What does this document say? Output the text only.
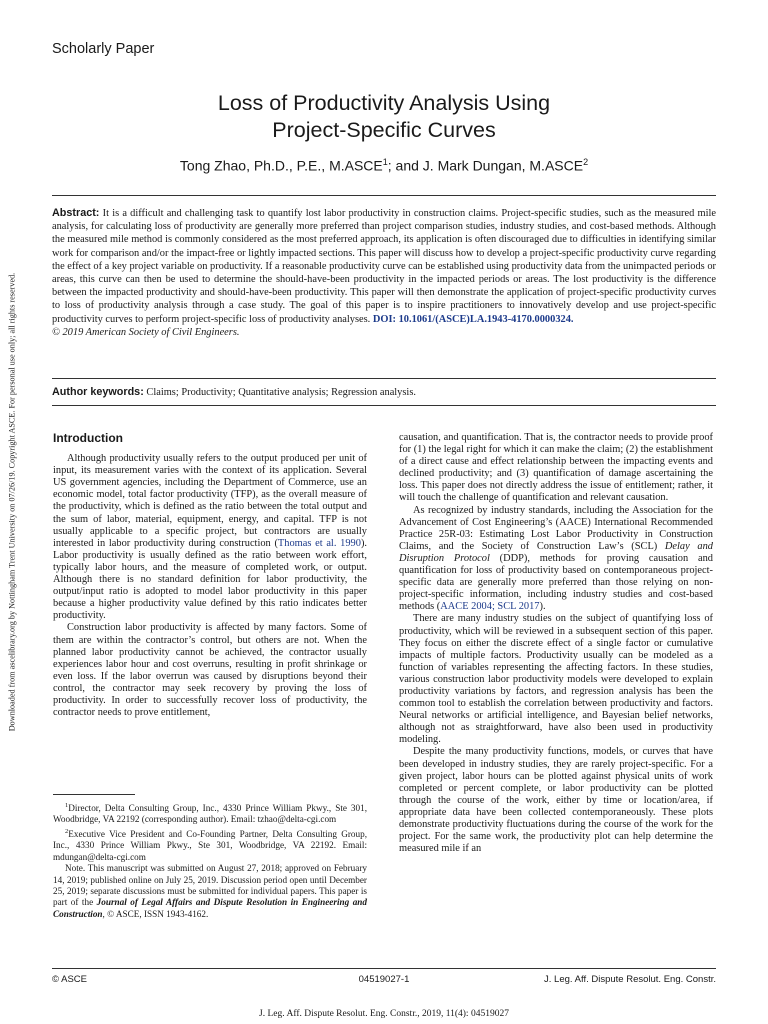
Scholarly Paper
Loss of Productivity Analysis Using
Project-Specific Curves
Tong Zhao, Ph.D., P.E., M.ASCE$^1$; and J. Mark Dungan, M.ASCE$^2$
Abstract: It is a difficult and challenging task to quantify lost labor productivity in construction claims. Project-specific studies, such as the measured mile analysis, for calculating loss of productivity are generally more preferred than project comparison studies, industry studies, and cost-based methods. Although the measured mile method is commonly considered as the most preferred approach, its application is often discouraged due to difficulties in identifying similar work for comparison and/or the impact-free or lightly impacted sections. This paper will discuss how to develop a project-specific productivity curve regarding the effect of a key project variable on productivity. If a reasonable productivity curve can be established using productivity data from the unimpacted periods or areas, this curve can then be used to determine the should-have-been productivity in the impacted periods or areas. The lost productivity is the difference between the impacted productivity and should-have-been productivity. This paper will then demonstrate the application of project-specific productivity curves to loss of productivity analysis through a case study. The goal of this paper is to inspire practitioners to innovatively develop and use project-specific productivity curves to perform project-specific loss of productivity analyses. DOI: 10.1061/(ASCE)LA.1943-4170.0000324.
© 2019 American Society of Civil Engineers.
Author keywords: Claims; Productivity; Quantitative analysis; Regression analysis.
Downloaded from ascelibrary.org by Nottingham Trent University on 07/26/19. Copyright ASCE. For personal use only; all rights reserved.	Introduction

Although productivity usually refers to the output produced per unit of input, its measurement varies with the context of its application. Several US government agencies, including the Department of Commerce, use an economic model, total factor productivity (TFP), as the overall measure of the productivity, which is defined as the ratio between the total output and the sum of labor, material, equipment, energy, and capital. TFP is not usually applicable to a specific project, but contractors are usually interested in labor productivity during construction (Thomas et al. 1990). Labor productivity is usually defined as the ratio between work effort, typically labor hours, and the measure of completed work, or output. Although there is no standard definition for labor productivity, the output/input ratio is adopted to model labor productivity in this paper because a higher productivity value defined by this ratio indicates better productivity.

Construction labor productivity is affected by many factors. Some of them are within the contractor’s control, but others are not. When the planned labor productivity cannot be achieved, the contractor usually experiences labor hour and cost overruns, resulting in profit shrinkage or even loss. If the labor overrun was caused by disruptions beyond their control, the contractor may seek recovery by proving the loss of productivity. In order to successfully recover loss of productivity, the contractor needs to prove entitlement,

$^1$Director, Delta Consulting Group, Inc., 4330 Prince William Pkwy., Ste 301, Woodbridge, VA 22192 (corresponding author). Email: tzhao@delta-cgi.com

$^2$Executive Vice President and Co-Founding Partner, Delta Consulting Group, Inc., 4330 Prince William Pkwy., Ste 301, Woodbridge, VA 22192. Email: mdungan@delta-cgi.com

Note. This manuscript was submitted on August 27, 2018; approved on February 14, 2019; published online on July 25, 2019. Discussion period open until December 25, 2019; separate discussions must be submitted for individual papers. This paper is part of the Journal of Legal Affairs and Dispute Resolution in Engineering and Construction, © ASCE, ISSN 1943-4162.

causation, and quantification. That is, the contractor needs to provide proof for (1) the legal right for which it can make the claim; (2) the establishment of a direct cause and effect relationship between the impacting events and declined productivity; and (3) quantification of damage ascertaining the loss. This paper does not directly address the issue of entitlement; rather, it will touch the challenge of quantification and relevant causation.

As recognized by industry standards, including the Association for the Advancement of Cost Engineering’s (AACE) International Recommended Practice 25R-03: Estimating Lost Labor Productivity in Construction Claims, and the Society of Construction Law’s (SCL) Delay and Disruption Protocol (DDP), methods for proving causation and quantification for loss of productivity based on contemporaneous project-specific data are generally more preferred than those relying on non-project-specific information, including industry studies and cost-based methods (AACE 2004; SCL 2017).

There are many industry studies on the subject of quantifying loss of productivity, which will be reviewed in a subsequent section of this paper. They focus on either the discrete effect of a single factor or cumulative impacts of multiple factors. Productivity usually can be modeled as a function of variables representing the affecting factors. In these studies, various construction labor productivity models were developed to explain productivity variations by factors, and regression analysis has been the common tool to establish the correlation between productivity and factors. Neural networks or artificial intelligence, and Bayesian belief networks, although not as straightforward, have also been used in productivity modeling.

Despite the many productivity functions, models, or curves that have been developed in industry studies, they are rarely project-specific. For a given project, labor hours can be plotted against physical units of work completed or percent complete, or labor productivity can be plotted through the course of the work, either by time or location/area, if appropriate data have been collected contemporaneously. These plots demonstrate productivity fluctuations during the course of the work for the project. For the same work, the productivity plot can help determine the measured mile if an

© ASCE	04519027-1	J. Leg. Aff. Dispute Resolut. Eng. Constr.
J. Leg. Aff. Dispute Resolut. Eng. Constr., 2019, 11(4): 04519027
